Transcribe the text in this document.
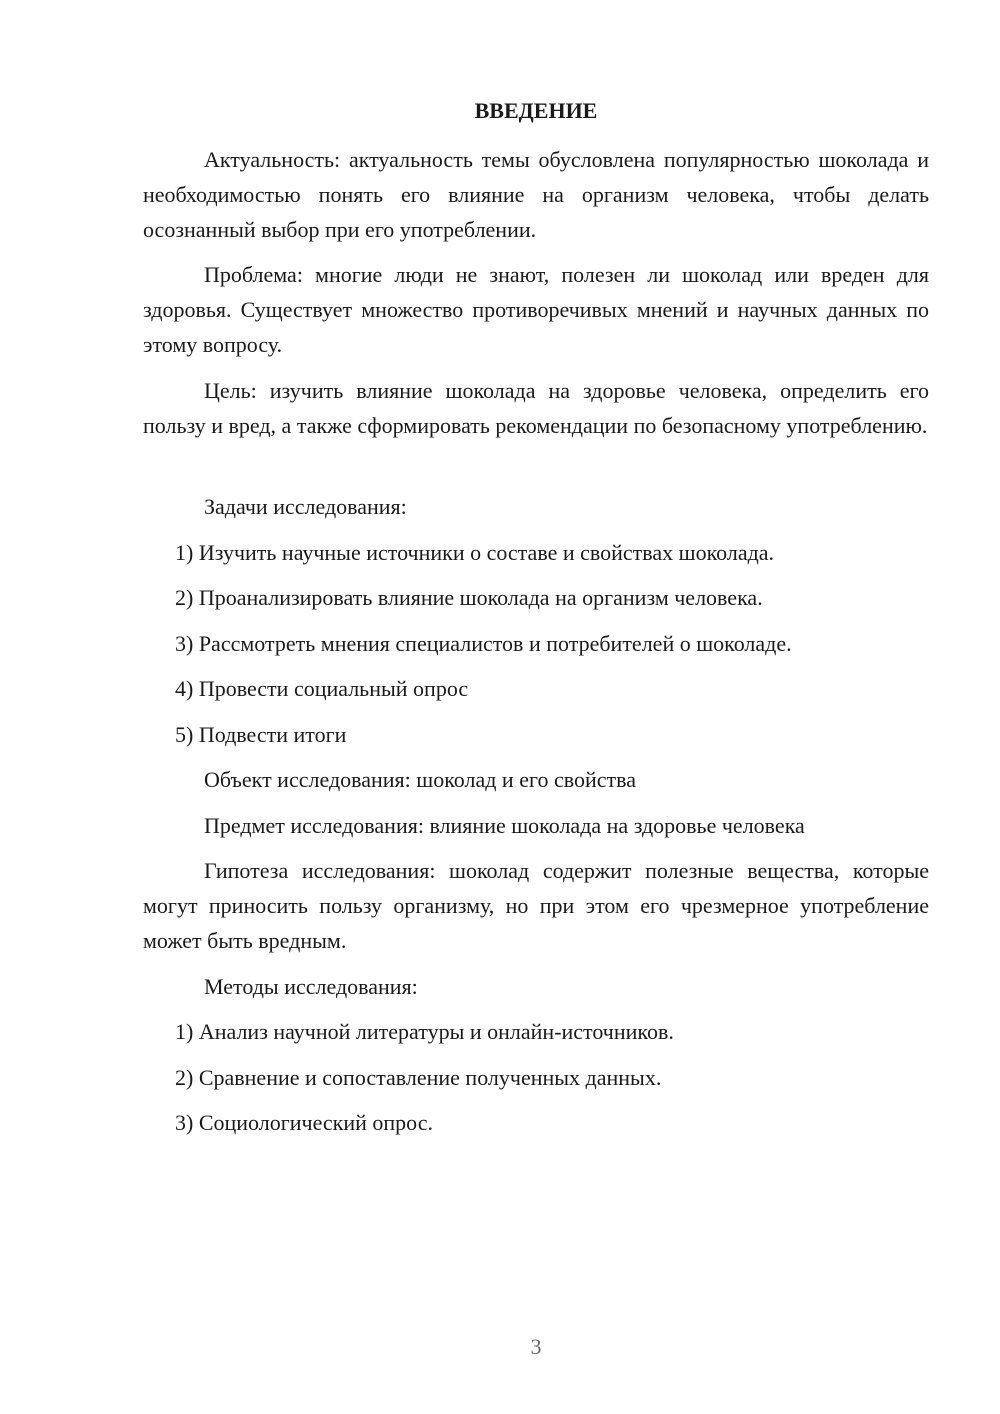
ВВЕДЕНИЕ

Актуальность: актуальность темы обусловлена популярностью шоколада и необходимостью понять его влияние на организм человека, чтобы делать осознанный выбор при его употреблении.

Проблема: многие люди не знают, полезен ли шоколад или вреден для здоровья. Существует множество противоречивых мнений и научных данных по этому вопросу.

Цель: изучить влияние шоколада на здоровье человека, определить его пользу и вред, а также сформировать рекомендации по безопасному употреблению.

Задачи исследования:

1) Изучить научные источники о составе и свойствах шоколада.

2) Проанализировать влияние шоколада на организм человека.

3) Рассмотреть мнения специалистов и потребителей о шоколаде.

4) Провести социальный опрос

5) Подвести итоги

Объект исследования: шоколад и его свойства

Предмет исследования: влияние шоколада на здоровье человека

Гипотеза исследования: шоколад содержит полезные вещества, которые могут приносить пользу организму, но при этом его чрезмерное употребление может быть вредным.

Методы исследования:

1) Анализ научной литературы и онлайн-источников.

2) Сравнение и сопоставление полученных данных.

3) Социологический опрос.

3
